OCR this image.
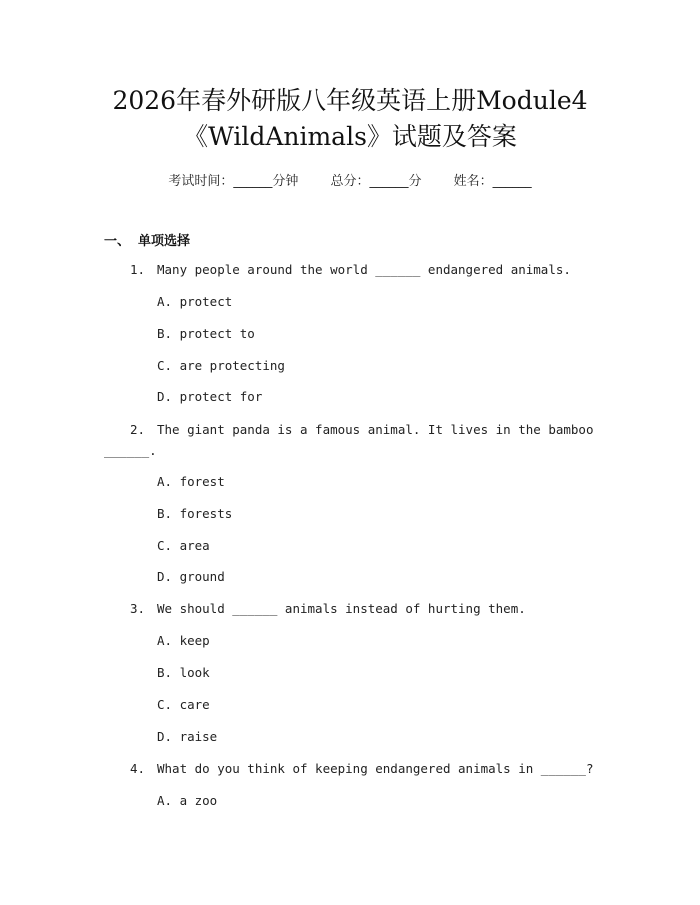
2026年春外研版八年级英语上册Module4
《WildAnimals》试题及答案
考试时间：______分钟 总分：______分 姓名：______
一、 单项选择
1. Many people around the world ______ endangered animals.
A. protect
B. protect to
C. are protecting
D. protect for
2. The giant panda is a famous animal. It lives in the bamboo
______.
A. forest
B. forests
C. area
D. ground
3. We should ______ animals instead of hurting them.
A. keep
B. look
C. care
D. raise
4. What do you think of keeping endangered animals in ______?
A. a zoo
